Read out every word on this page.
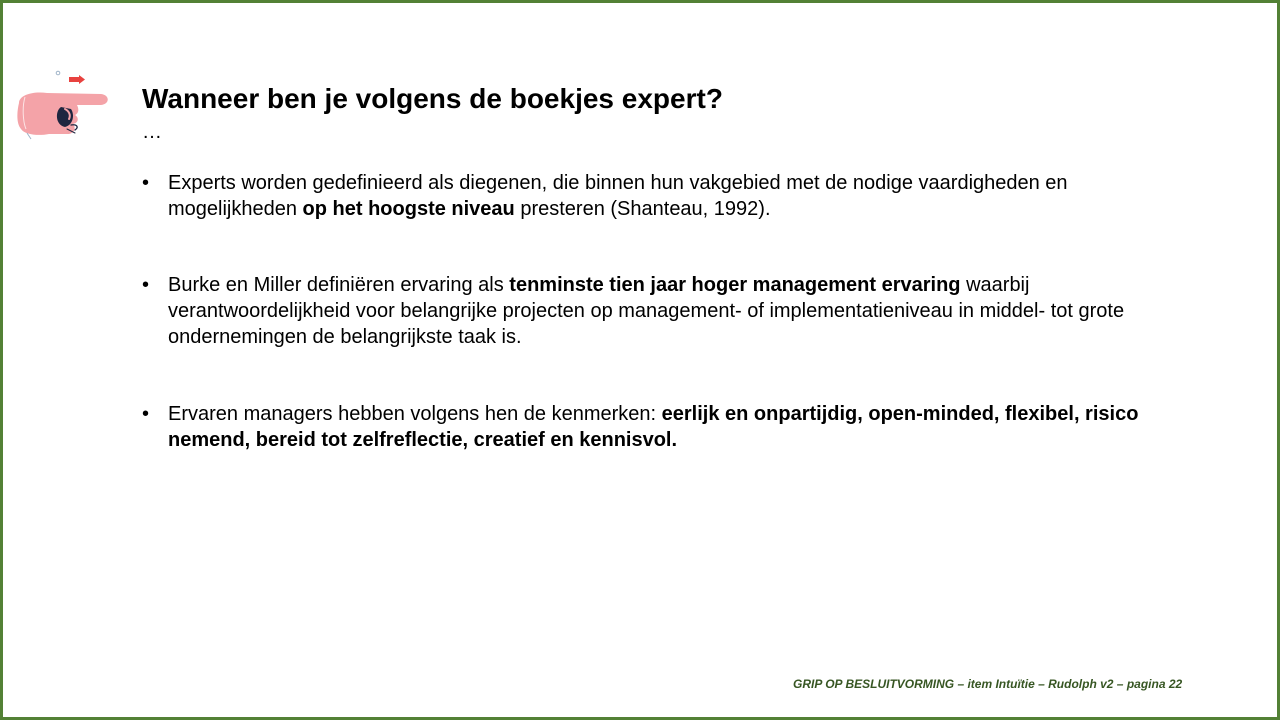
Wanneer ben je volgens de boekjes expert?
…
• Experts worden gedefinieerd als diegenen, die binnen hun vakgebied met de nodige vaardigheden en mogelijkheden op het hoogste niveau presteren (Shanteau, 1992).
• Burke en Miller definiëren ervaring als tenminste tien jaar hoger management ervaring waarbij verantwoordelijkheid voor belangrijke projecten op management- of implementatieniveau in middel- tot grote ondernemingen de belangrijkste taak is.
• Ervaren managers hebben volgens hen de kenmerken: eerlijk en onpartijdig, open-minded, flexibel, risico nemend, bereid tot zelfreflectie, creatief en kennisvol.
GRIP OP BESLUITVORMING – item Intuïtie – Rudolph v2 – pagina 22
